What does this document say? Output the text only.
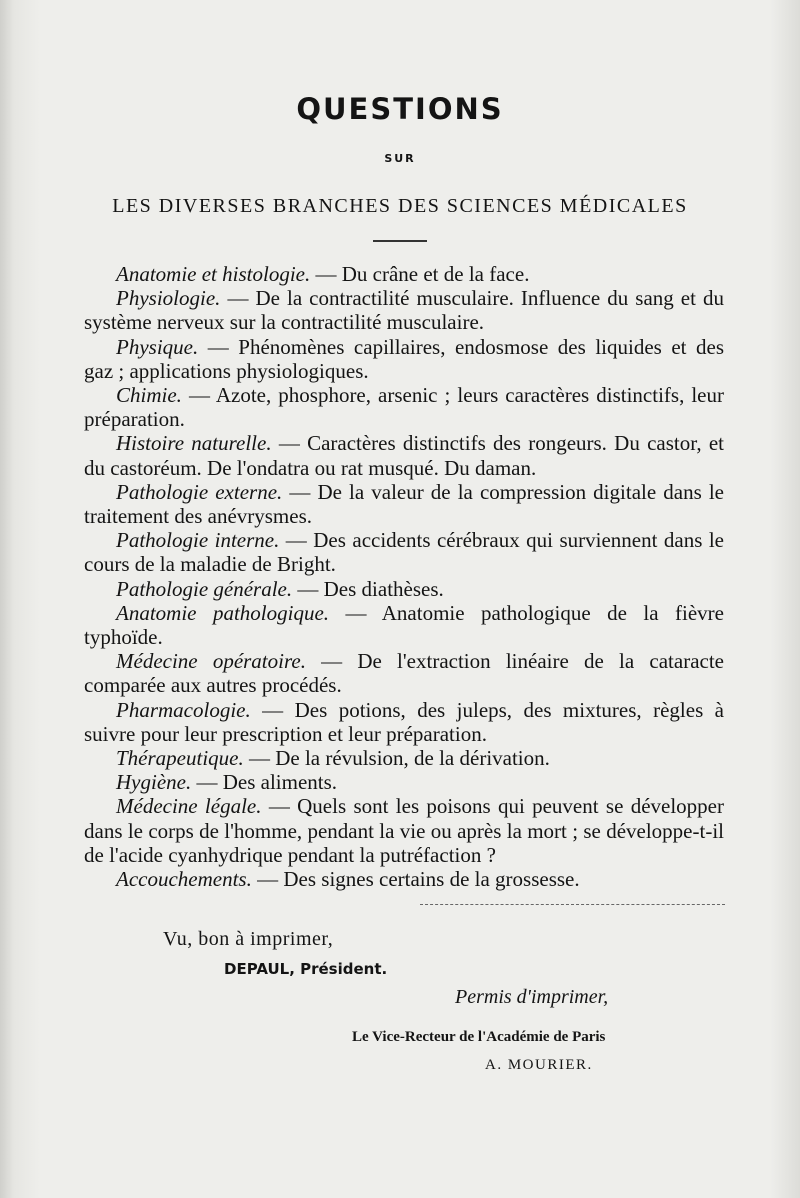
QUESTIONS
SUR
LES DIVERSES BRANCHES DES SCIENCES MÉDICALES

Anatomie et histologie. — Du crâne et de la face.

Physiologie. — De la contractilité musculaire. Influence du sang et du système nerveux sur la contractilité musculaire.

Physique. — Phénomènes capillaires, endosmose des liquides et des gaz ; applications physiologiques.

Chimie. — Azote, phosphore, arsenic ; leurs caractères distinctifs, leur préparation.

Histoire naturelle. — Caractères distinctifs des rongeurs. Du castor, et du castoréum. De l'ondatra ou rat musqué. Du daman.

Pathologie externe. — De la valeur de la compression digitale dans le traitement des anévrysmes.

Pathologie interne. — Des accidents cérébraux qui surviennent dans le cours de la maladie de Bright.

Pathologie générale. — Des diathèses.

Anatomie pathologique. — Anatomie pathologique de la fièvre typhoïde.

Médecine opératoire. — De l'extraction linéaire de la cataracte comparée aux autres procédés.

Pharmacologie. — Des potions, des juleps, des mixtures, règles à suivre pour leur prescription et leur préparation.

Thérapeutique. — De la révulsion, de la dérivation.

Hygiène. — Des aliments.

Médecine légale. — Quels sont les poisons qui peuvent se développer dans le corps de l'homme, pendant la vie ou après la mort ; se développe-t-il de l'acide cyanhydrique pendant la putréfaction ?

Accouchements. — Des signes certains de la grossesse.

Vu, bon à imprimer,
DEPAUL, Président.
Permis d'imprimer,
Le Vice-Recteur de l'Académie de Paris
A. MOURIER.
